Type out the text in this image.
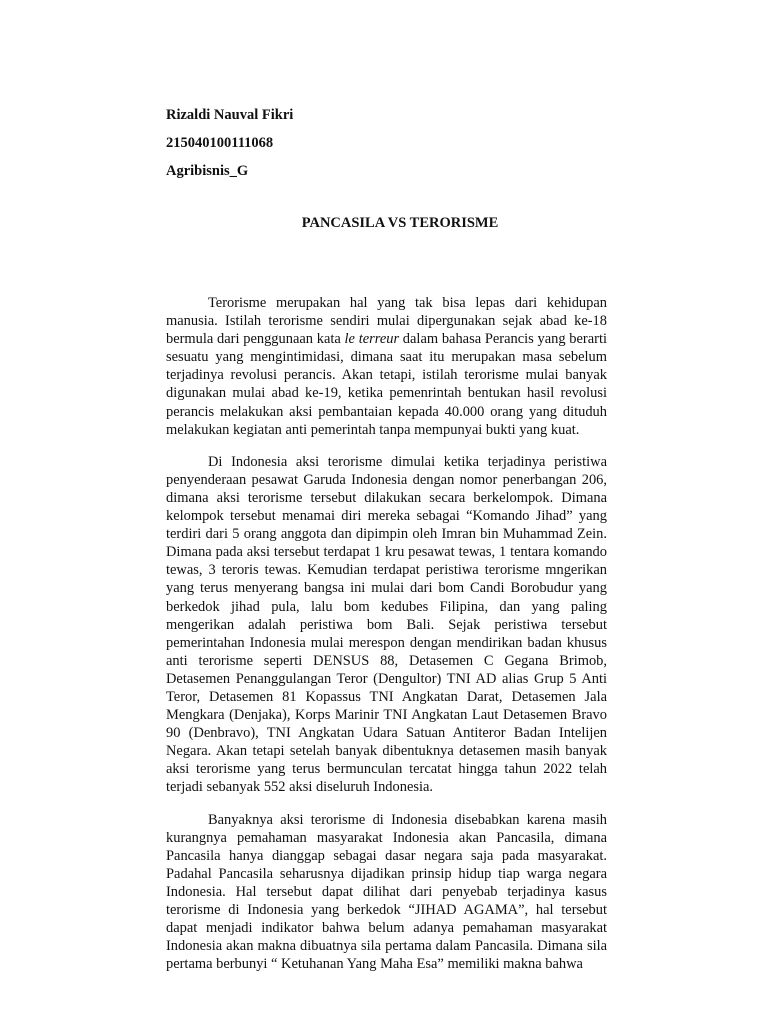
Rizaldi Nauval Fikri
215040100111068
Agribisnis_G
PANCASILA VS TERORISME

Terorisme merupakan hal yang tak bisa lepas dari kehidupan manusia. Istilah terorisme sendiri mulai dipergunakan sejak abad ke-18 bermula dari penggunaan kata le terreur dalam bahasa Perancis yang berarti sesuatu yang mengintimidasi, dimana saat itu merupakan masa sebelum terjadinya revolusi perancis. Akan tetapi, istilah terorisme mulai banyak digunakan mulai abad ke-19, ketika pemenrintah bentukan hasil revolusi perancis melakukan aksi pembantaian kepada 40.000 orang yang dituduh melakukan kegiatan anti pemerintah tanpa mempunyai bukti yang kuat.

Di Indonesia aksi terorisme dimulai ketika terjadinya peristiwa penyenderaan pesawat Garuda Indonesia dengan nomor penerbangan 206, dimana aksi terorisme tersebut dilakukan secara berkelompok. Dimana kelompok tersebut menamai diri mereka sebagai “Komando Jihad” yang terdiri dari 5 orang anggota dan dipimpin oleh Imran bin Muhammad Zein. Dimana pada aksi tersebut terdapat 1 kru pesawat tewas, 1 tentara komando tewas, 3 teroris tewas. Kemudian terdapat peristiwa terorisme mngerikan yang terus menyerang bangsa ini mulai dari bom Candi Borobudur yang berkedok jihad pula, lalu bom kedubes Filipina, dan yang paling mengerikan adalah peristiwa bom Bali. Sejak peristiwa tersebut pemerintahan Indonesia mulai merespon dengan mendirikan badan khusus anti terorisme seperti DENSUS 88, Detasemen C Gegana Brimob, Detasemen Penanggulangan Teror (Dengultor) TNI AD alias Grup 5 Anti Teror, Detasemen 81 Kopassus TNI Angkatan Darat, Detasemen Jala Mengkara (Denjaka), Korps Marinir TNI Angkatan Laut Detasemen Bravo 90 (Denbravo), TNI Angkatan Udara Satuan Antiteror Badan Intelijen Negara. Akan tetapi setelah banyak dibentuknya detasemen masih banyak aksi terorisme yang terus bermunculan tercatat hingga tahun 2022 telah terjadi sebanyak 552 aksi diseluruh Indonesia.

Banyaknya aksi terorisme di Indonesia disebabkan karena masih kurangnya pemahaman masyarakat Indonesia akan Pancasila, dimana Pancasila hanya dianggap sebagai dasar negara saja pada masyarakat. Padahal Pancasila seharusnya dijadikan prinsip hidup tiap warga negara Indonesia. Hal tersebut dapat dilihat dari penyebab terjadinya kasus terorisme di Indonesia yang berkedok “JIHAD AGAMA”, hal tersebut dapat menjadi indikator bahwa belum adanya pemahaman masyarakat Indonesia akan makna dibuatnya sila pertama dalam Pancasila. Dimana sila pertama berbunyi “ Ketuhanan Yang Maha Esa” memiliki makna bahwa
